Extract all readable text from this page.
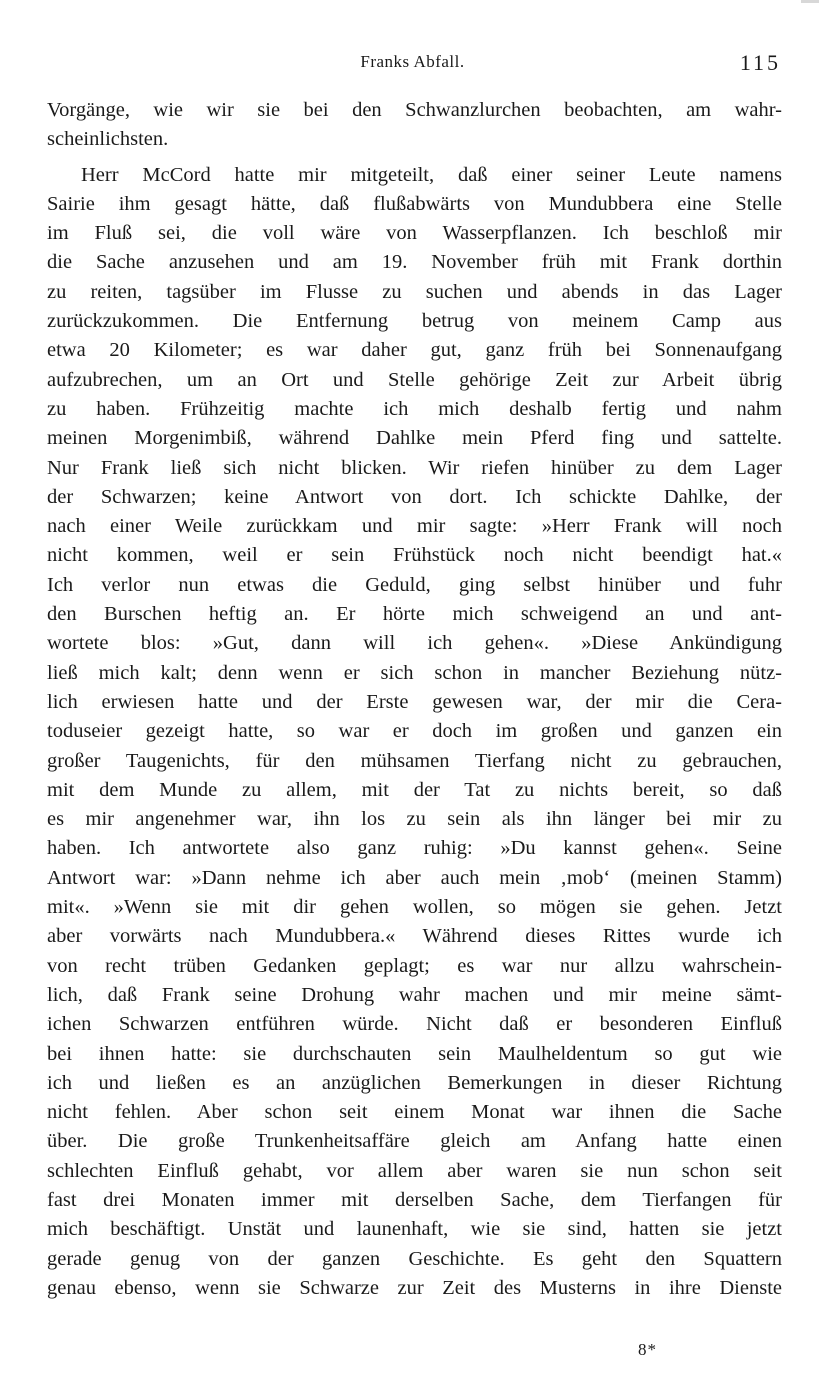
Franks Abfall.	115
Vorgänge, wie wir sie bei den Schwanzlurchen beobachten, am wahr-
scheinlichsten.
Herr McCord hatte mir mitgeteilt, daß einer seiner Leute namens
Sairie ihm gesagt hätte, daß flußabwärts von Mundubbera eine Stelle
im Fluß sei, die voll wäre von Wasserpflanzen. Ich beschloß mir
die Sache anzusehen und am 19. November früh mit Frank dorthin
zu reiten, tagsüber im Flusse zu suchen und abends in das Lager
zurückzukommen. Die Entfernung betrug von meinem Camp aus
etwa 20 Kilometer; es war daher gut, ganz früh bei Sonnenaufgang
aufzubrechen, um an Ort und Stelle gehörige Zeit zur Arbeit übrig
zu haben. Frühzeitig machte ich mich deshalb fertig und nahm
meinen Morgenimbiß, während Dahlke mein Pferd fing und sattelte.
Nur Frank ließ sich nicht blicken. Wir riefen hinüber zu dem Lager
der Schwarzen; keine Antwort von dort. Ich schickte Dahlke, der
nach einer Weile zurückkam und mir sagte: »Herr Frank will noch
nicht kommen, weil er sein Frühstück noch nicht beendigt hat.«
Ich verlor nun etwas die Geduld, ging selbst hinüber und fuhr
den Burschen heftig an. Er hörte mich schweigend an und ant-
wortete blos: »Gut, dann will ich gehen«. »Diese Ankündigung
ließ mich kalt; denn wenn er sich schon in mancher Beziehung nütz-
lich erwiesen hatte und der Erste gewesen war, der mir die Cera-
toduseier gezeigt hatte, so war er doch im großen und ganzen ein
großer Taugenichts, für den mühsamen Tierfang nicht zu gebrauchen,
mit dem Munde zu allem, mit der Tat zu nichts bereit, so daß
es mir angenehmer war, ihn los zu sein als ihn länger bei mir zu
haben. Ich antwortete also ganz ruhig: »Du kannst gehen«. Seine
Antwort war: »Dann nehme ich aber auch mein ‚mob‘ (meinen Stamm)
mit«. »Wenn sie mit dir gehen wollen, so mögen sie gehen. Jetzt
aber vorwärts nach Mundubbera.« Während dieses Rittes wurde ich
von recht trüben Gedanken geplagt; es war nur allzu wahrschein-
lich, daß Frank seine Drohung wahr machen und mir meine sämt-
ichen Schwarzen entführen würde. Nicht daß er besonderen Einfluß
bei ihnen hatte: sie durchschauten sein Maulheldentum so gut wie
ich und ließen es an anzüglichen Bemerkungen in dieser Richtung
nicht fehlen. Aber schon seit einem Monat war ihnen die Sache
über. Die große Trunkenheitsaffäre gleich am Anfang hatte einen
schlechten Einfluß gehabt, vor allem aber waren sie nun schon seit
fast drei Monaten immer mit derselben Sache, dem Tierfangen für
mich beschäftigt. Unstät und launenhaft, wie sie sind, hatten sie jetzt
gerade genug von der ganzen Geschichte. Es geht den Squattern
genau ebenso, wenn sie Schwarze zur Zeit des Musterns in ihre Dienste
8*
